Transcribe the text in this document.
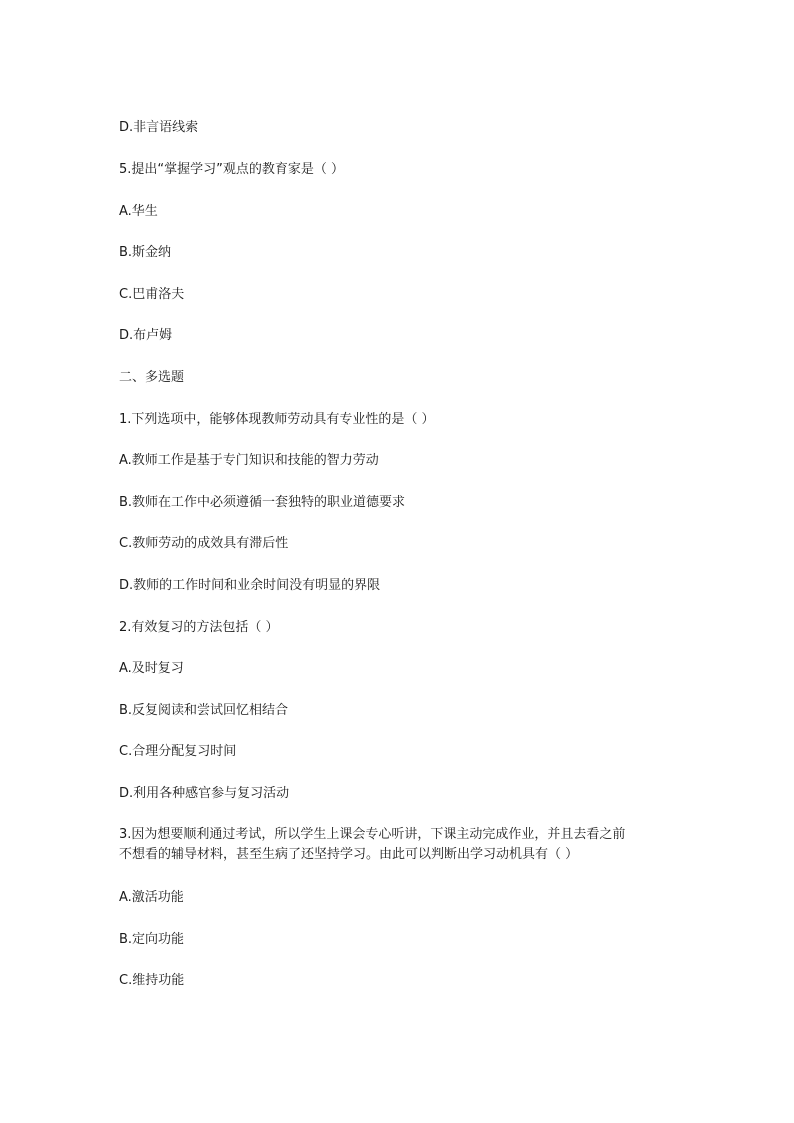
D.非言语线索
5.提出“掌握学习”观点的教育家是（ ）
A.华生
B.斯金纳
C.巴甫洛夫
D.布卢姆
二、多选题
1.下列选项中，能够体现教师劳动具有专业性的是（ ）
A.教师工作是基于专门知识和技能的智力劳动
B.教师在工作中必须遵循一套独特的职业道德要求
C.教师劳动的成效具有滞后性
D.教师的工作时间和业余时间没有明显的界限
2.有效复习的方法包括（ ）
A.及时复习
B.反复阅读和尝试回忆相结合
C.合理分配复习时间
D.利用各种感官参与复习活动
3.因为想要顺利通过考试，所以学生上课会专心听讲，下课主动完成作业，并且去看之前
不想看的辅导材料，甚至生病了还坚持学习。由此可以判断出学习动机具有（ ）
A.激活功能
B.定向功能
C.维持功能
